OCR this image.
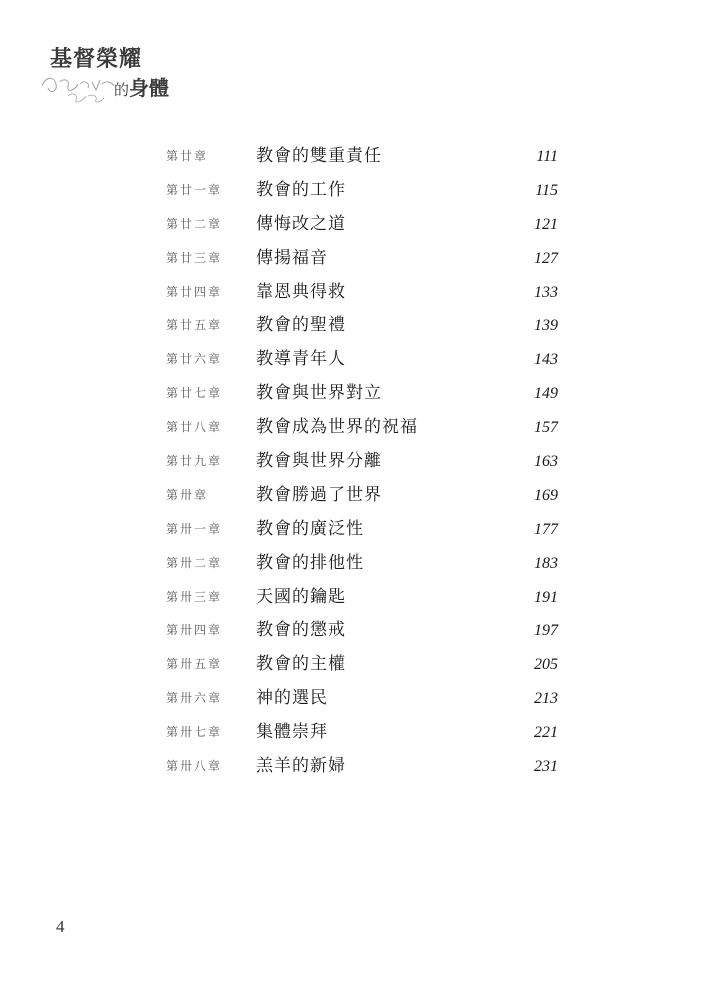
基督榮耀
的身體
第廿章	教會的雙重責任	111
第廿一章 教會的工作	115
第廿二章 傳悔改之道	121
第廿三章 傳揚福音	127
第廿四章 靠恩典得救	133
第廿五章 教會的聖禮	139
第廿六章 教導青年人	143
第廿七章 教會與世界對立	149
第廿八章 教會成為世界的祝福	157
第廿九章 教會與世界分離	163
第卅章	教會勝過了世界	169
第卅一章 教會的廣泛性	177
第卅二章 教會的排他性	183
第卅三章 天國的鑰匙	191
第卅四章 教會的懲戒	197
第卅五章 教會的主權	205
第卅六章 神的選民	213
第卅七章 集體崇拜	221
第卅八章 羔羊的新婦	231
4
